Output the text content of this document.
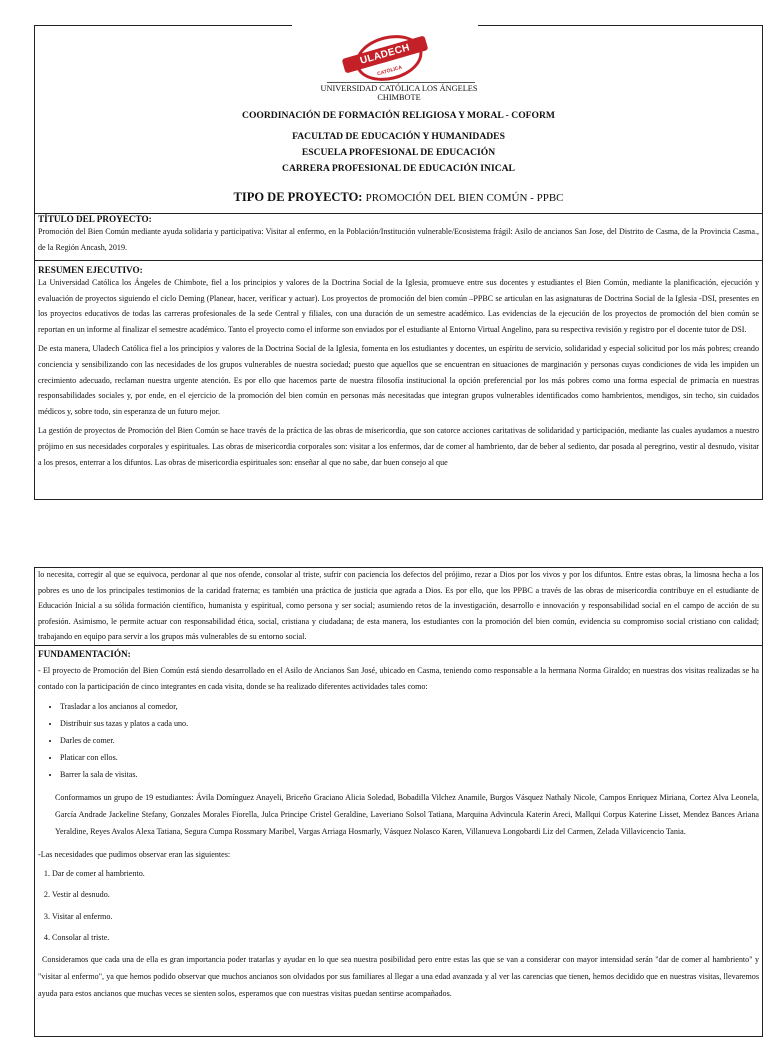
ULADECH
CATÓLICA
UNIVERSIDAD CATÓLICA LOS ÁNGELES
CHIMBOTE
COORDINACIÓN DE FORMACIÓN RELIGIOSA Y MORAL - COFORM
FACULTAD DE EDUCACIÓN Y HUMANIDADES
ESCUELA PROFESIONAL DE EDUCACIÓN
CARRERA PROFESIONAL DE EDUCACIÓN INICAL
TIPO DE PROYECTO: PROMOCIÓN DEL BIEN COMÚN - PPBC

TÍTULO DEL PROYECTO:

Promoción del Bien Común mediante ayuda solidaria y participativa: Visitar al enfermo, en la Población/Institución vulnerable/Ecosistema frágil: Asilo de ancianos San Jose, del Distrito de Casma, de la Provincia Casma., de la Región Ancash, 2019.

RESUMEN EJECUTIVO:

La Universidad Católica los Ángeles de Chimbote, fiel a los principios y valores de la Doctrina Social de la Iglesia, promueve entre sus docentes y estudiantes el Bien Común, mediante la planificación, ejecución y evaluación de proyectos siguiendo el ciclo Deming (Planear, hacer, verificar y actuar). Los proyectos de promoción del bien común –PPBC se articulan en las asignaturas de Doctrina Social de la Iglesia -DSI, presentes en los proyectos educativos de todas las carreras profesionales de la sede Central y filiales, con una duración de un semestre académico. Las evidencias de la ejecución de los proyectos de promoción del bien común se reportan en un informe al finalizar el semestre académico. Tanto el proyecto como el informe son enviados por el estudiante al Entorno Virtual Angelino, para su respectiva revisión y registro por el docente tutor de DSI.

De esta manera, Uladech Católica fiel a los principios y valores de la Doctrina Social de la Iglesia, fomenta en los estudiantes y docentes, un espíritu de servicio, solidaridad y especial solicitud por los más pobres; creando conciencia y sensibilizando con las necesidades de los grupos vulnerables de nuestra sociedad; puesto que aquellos que se encuentran en situaciones de marginación y personas cuyas condiciones de vida les impiden un crecimiento adecuado, reclaman nuestra urgente atención. Es por ello que hacemos parte de nuestra filosofía institucional la opción preferencial por los más pobres como una forma especial de primacía en nuestras responsabilidades sociales y, por ende, en el ejercicio de la promoción del bien común en personas más necesitadas que integran grupos vulnerables identificados como hambrientos, mendigos, sin techo, sin cuidados médicos y, sobre todo, sin esperanza de un futuro mejor.

La gestión de proyectos de Promoción del Bien Común se hace través de la práctica de las obras de misericordia, que son catorce acciones caritativas de solidaridad y participación, mediante las cuales ayudamos a nuestro prójimo en sus necesidades corporales y espirituales. Las obras de misericordia corporales son: visitar a los enfermos, dar de comer al hambriento, dar de beber al sediento, dar posada al peregrino, vestir al desnudo, visitar a los presos, enterrar a los difuntos. Las obras de misericordia espirituales son: enseñar al que no sabe, dar buen consejo al que

lo necesita, corregir al que se equivoca, perdonar al que nos ofende, consolar al triste, sufrir con paciencia los defectos del prójimo, rezar a Dios por los vivos y por los difuntos. Entre estas obras, la limosna hecha a los pobres es uno de los principales testimonios de la caridad fraterna; es también una práctica de justicia que agrada a Dios. Es por ello, que los PPBC a través de las obras de misericordia contribuye en el estudiante de Educación Inicial a su sólida formación científico, humanista y espiritual, como persona y ser social; asumiendo retos de la investigación, desarrollo e innovación y responsabilidad social en el campo de acción de su profesión. Asimismo, le permite actuar con responsabilidad ética, social, cristiana y ciudadana; de esta manera, los estudiantes con la promoción del bien común, evidencia su compromiso social cristiano con calidad; trabajando en equipo para servir a los grupos más vulnerables de su entorno social.

FUNDAMENTACIÓN:

- El proyecto de Promoción del Bien Común está siendo desarrollado en el Asilo de Ancianos San José, ubicado en Casma, teniendo como responsable a la hermana Norma Giraldo; en nuestras dos visitas realizadas se ha contado con la participación de cinco integrantes en cada visita, donde se ha realizado diferentes actividades tales como:

• Trasladar a los ancianos al comedor,
• Distribuir sus tazas y platos a cada uno.
• Darles de comer.
• Platicar con ellos.
• Barrer la sala de visitas.

Conformamos un grupo de 19 estudiantes: Ávila Domínguez Anayeli, Briceño Graciano Alicia Soledad, Bobadilla Vilchez Anamile, Burgos Vásquez Nathaly Nicole, Campos Enriquez Miriana, Cortez Alva Leonela, García Andrade Jackeline Stefany, Gonzales Morales Fiorella, Julca Principe Cristel Geraldine, Laveriano Solsol Tatiana, Marquina Advincula Katerin Areci, Mallqui Corpus Katerine Lisset, Mendez Bances Ariana Yeraldine, Reyes Avalos Alexa Tatiana, Segura Cumpa Rossmary Maribel, Vargas Arriaga Hosmarly, Vásquez Nolasco Karen, Villanueva Longobardi Liz del Carmen, Zelada Villavicencio Tania.

-Las necesidades que pudimos observar eran las siguientes:

1. Dar de comer al hambriento.
2. Vestir al desnudo.
3. Visitar al enfermo.
4. Consolar al triste.

Consideramos que cada una de ella es gran importancia poder tratarlas y ayudar en lo que sea nuestra posibilidad pero entre estas las que se van a considerar con mayor intensidad serán "dar de comer al hambriento" y "visitar al enfermo", ya que hemos podido observar que muchos ancianos son olvidados por sus familiares al llegar a una edad avanzada y al ver las carencias que tienen, hemos decidido que en nuestras visitas, llevaremos ayuda para estos ancianos que muchas veces se sienten solos, esperamos que con nuestras visitas puedan sentirse acompañados.
